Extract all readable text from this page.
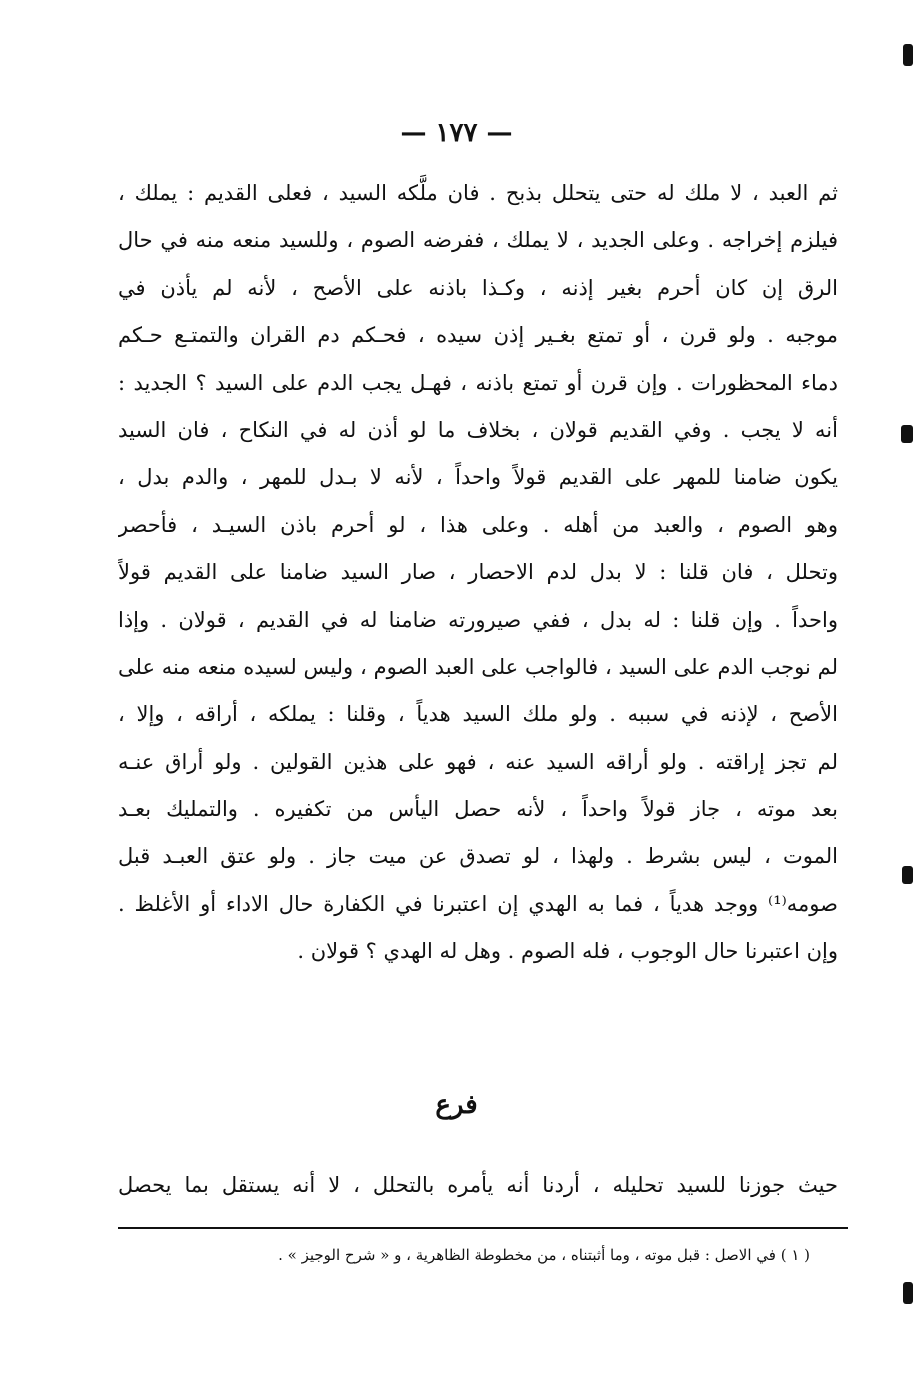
— ١٧٧ —
ثم العبد ، لا ملك له حتى يتحلل بذبح . فان ملَّكه السيد ، فعلى القديم : يملك ،
فيلزم إخراجه . وعلى الجديد ، لا يملك ، ففرضه الصوم ، وللسيد منعه منه في حال
الرق إن كان أحرم بغير إذنه ، وكـذا باذنه على الأصح ، لأنه لم يأذن في
موجبه . ولو قرن ، أو تمتع بغـير إذن سيده ، فحـكم دم القران والتمتـع حـكم
دماء المحظورات . وإن قرن أو تمتع باذنه ، فهـل يجب الدم على السيد ؟ الجديد :
أنه لا يجب . وفي القديم قولان ، بخلاف ما لو أذن له في النكاح ، فان السيد
يكون ضامنا للمهر على القديم قولاً واحداً ، لأنه لا بـدل للمهر ، والدم بدل ،
وهو الصوم ، والعبد من أهله . وعلى هذا ، لو أحرم باذن السيـد ، فأحصر
وتحلل ، فان قلنا : لا بدل لدم الاحصار ، صار السيد ضامنا على القديم قولاً
واحداً . وإن قلنا : له بدل ، ففي صيرورته ضامنا له في القديم ، قولان . وإذا
لم نوجب الدم على السيد ، فالواجب على العبد الصوم ، وليس لسيده منعه منه على
الأصح ، لإذنه في سببه . ولو ملك السيد هدياً ، وقلنا : يملكه ، أراقه ، وإلا ،
لم تجز إراقته . ولو أراقه السيد عنه ، فهو على هذين القولين . ولو أراق عنـه
بعد موته ، جاز قولاً واحداً ، لأنه حصل اليأس من تكفيره . والتمليك بعـد
الموت ، ليس بشرط . ولهذا ، لو تصدق عن ميت جاز . ولو عتق العبـد قبل
صومه⁽¹⁾ ووجد هدياً ، فما به الهدي إن اعتبرنا في الكفارة حال الاداء أو الأغلظ .
وإن اعتبرنا حال الوجوب ، فله الصوم . وهل له الهدي ؟ قولان .
فرع
حيث جوزنا للسيد تحليله ، أردنا أنه يأمره بالتحلل ، لا أنه يستقل بما يحصل
( ١ ) في الاصل : قبل موته ، وما أثبتناه ، من مخطوطة الظاهرية ، و « شرح الوجيز » .
